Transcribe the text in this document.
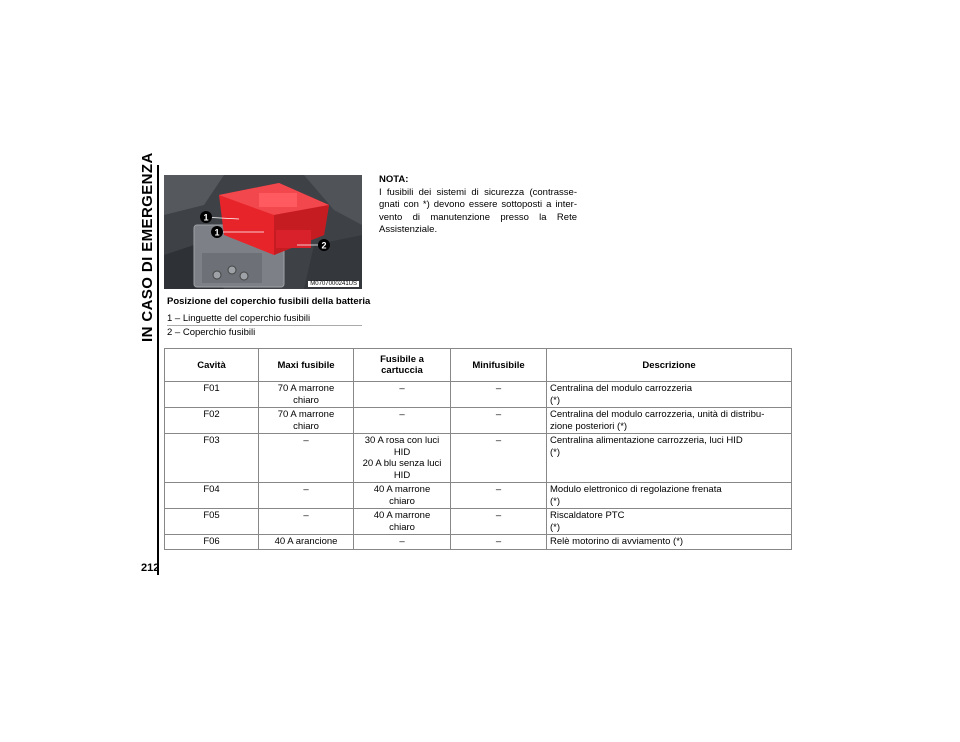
IN CASO DI EMERGENZA
212
1
1
2
M0707000241US
Posizione del coperchio fusibili della batteria
1 – Linguette del coperchio fusibili
2 – Coperchio fusibili
NOTA:
I fusibili dei sistemi di sicurezza (contrasse-gnati con *) devono essere sottoposti a inter-vento di manutenzione presso la Rete Assistenziale.
Cavità	Maxi fusibile	Fusibile a cartuccia	Minifusibile	Descrizione
F01	70 A marrone
chiaro	–	–	Centralina del modulo carrozzeria
(*)

F02	70 A marrone
chiaro	–	–	Centralina del modulo carrozzeria, unità di distribu-
zione posteriori (*)

F03	–	30 A rosa con luci
HID
20 A blu senza luci
HID	–	Centralina alimentazione carrozzeria, luci HID
(*)

F04	–	40 A marrone
chiaro	–	Modulo elettronico di regolazione frenata
(*)

F05	–	40 A marrone
chiaro	–	Riscaldatore PTC
(*)

F06	40 A arancione	–	–	Relè motorino di avviamento (*)
